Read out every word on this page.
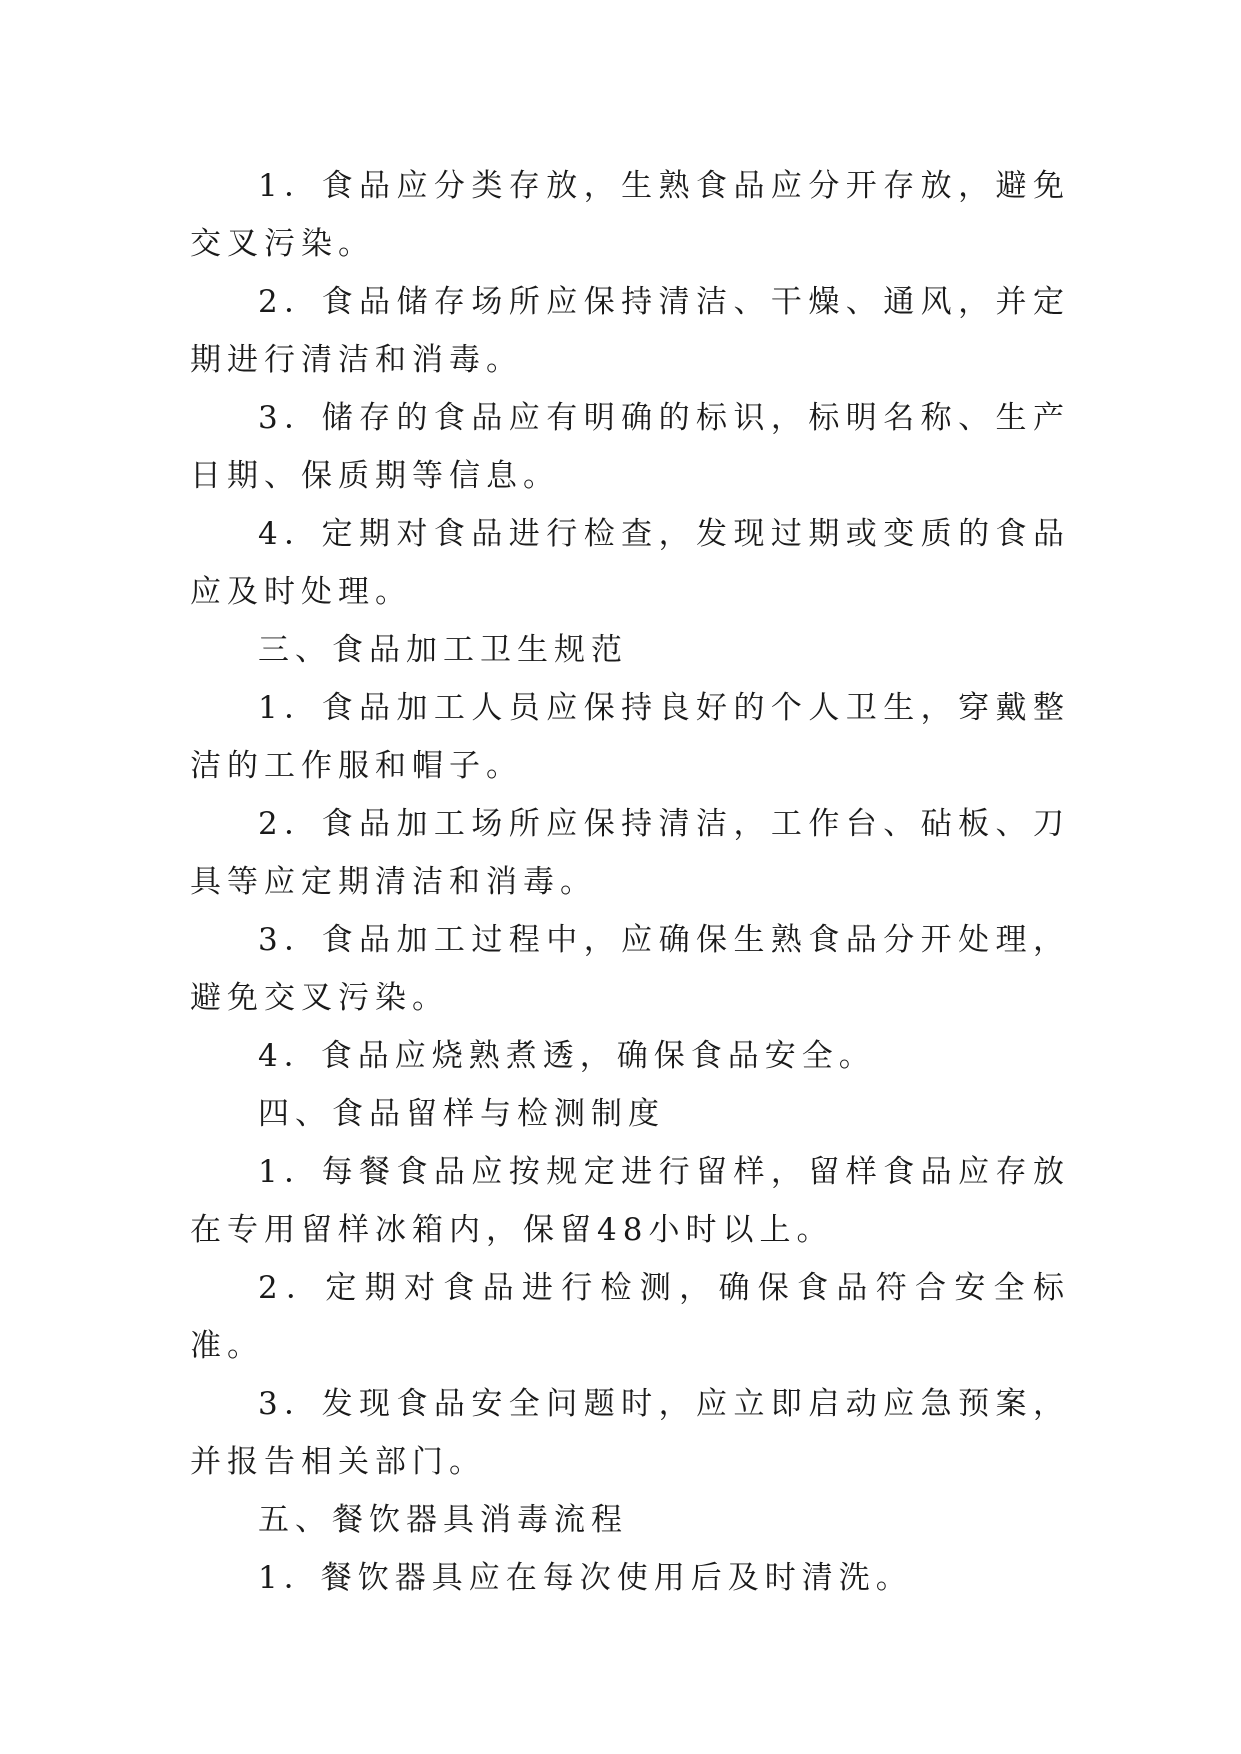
1．食品应分类存放，生熟食品应分开存放，避免交叉污染。

2．食品储存场所应保持清洁、干燥、通风，并定期进行清洁和消毒。

3．储存的食品应有明确的标识，标明名称、生产日期、保质期等信息。

4．定期对食品进行检查，发现过期或变质的食品应及时处理。

三、食品加工卫生规范

1．食品加工人员应保持良好的个人卫生，穿戴整洁的工作服和帽子。

2．食品加工场所应保持清洁，工作台、砧板、刀具等应定期清洁和消毒。

3．食品加工过程中，应确保生熟食品分开处理，避免交叉污染。

4．食品应烧熟煮透，确保食品安全。

四、食品留样与检测制度

1．每餐食品应按规定进行留样，留样食品应存放在专用留样冰箱内，保留48小时以上。

2．定期对食品进行检测，确保食品符合安全标准。

3．发现食品安全问题时，应立即启动应急预案，并报告相关部门。

五、餐饮器具消毒流程

1．餐饮器具应在每次使用后及时清洗。
